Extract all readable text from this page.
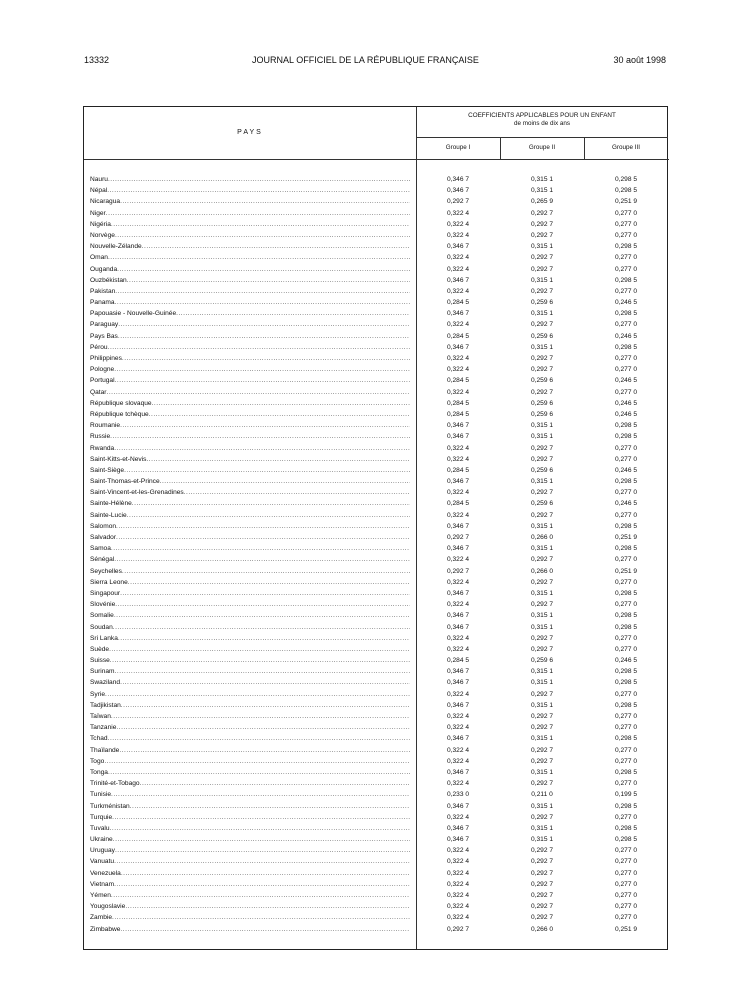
13332	JOURNAL OFFICIEL DE LA RÉPUBLIQUE FRANÇAISE	30 août 1998
PAYS
COEFFICIENTS APPLICABLES POUR UN ENFANT
de moins de dix ans
Groupe I	Groupe II	Groupe III
Nauru .....	0,346 7	0,315 1	0,298 5
Népal .....	0,346 7	0,315 1	0,298 5
Nicaragua .....	0,292 7	0,265 9	0,251 9
Niger .....	0,322 4	0,292 7	0,277 0
Nigéria .....	0,322 4	0,292 7	0,277 0
Norvège .....	0,322 4	0,292 7	0,277 0
Nouvelle-Zélande .....	0,346 7	0,315 1	0,298 5
Oman .....	0,322 4	0,292 7	0,277 0
Ouganda .....	0,322 4	0,292 7	0,277 0
Ouzbékistan .....	0,346 7	0,315 1	0,298 5
Pakistan .....	0,322 4	0,292 7	0,277 0
Panama .....	0,284 5	0,259 6	0,246 5
Papouasie - Nouvelle-Guinée .....	0,346 7	0,315 1	0,298 5
Paraguay .....	0,322 4	0,292 7	0,277 0
Pays Bas .....	0,284 5	0,259 6	0,246 5
Pérou .....	0,346 7	0,315 1	0,298 5
Philippines .....	0,322 4	0,292 7	0,277 0
Pologne .....	0,322 4	0,292 7	0,277 0
Portugal .....	0,284 5	0,259 6	0,246 5
Qatar .....	0,322 4	0,292 7	0,277 0
République slovaque .....	0,284 5	0,259 6	0,246 5
République tchèque .....	0,284 5	0,259 6	0,246 5
Roumanie .....	0,346 7	0,315 1	0,298 5
Russie .....	0,346 7	0,315 1	0,298 5
Rwanda .....	0,322 4	0,292 7	0,277 0
Saint-Kitts-et-Nevis .....	0,322 4	0,292 7	0,277 0
Saint-Siège .....	0,284 5	0,259 6	0,246 5
Saint-Thomas-et-Prince .....	0,346 7	0,315 1	0,298 5
Saint-Vincent-et-les-Grenadines .....	0,322 4	0,292 7	0,277 0
Sainte-Hélène .....	0,284 5	0,259 6	0,246 5
Sainte-Lucie .....	0,322 4	0,292 7	0,277 0
Salomon .....	0,346 7	0,315 1	0,298 5
Salvador .....	0,292 7	0,266 0	0,251 9
Samoa .....	0,346 7	0,315 1	0,298 5
Sénégal .....	0,322 4	0,292 7	0,277 0
Seychelles .....	0,292 7	0,266 0	0,251 9
Sierra Leone .....	0,322 4	0,292 7	0,277 0
Singapour .....	0,346 7	0,315 1	0,298 5
Slovénie .....	0,322 4	0,292 7	0,277 0
Somalie .....	0,346 7	0,315 1	0,298 5
Soudan .....	0,346 7	0,315 1	0,298 5
Sri Lanka .....	0,322 4	0,292 7	0,277 0
Suède .....	0,322 4	0,292 7	0,277 0
Suisse .....	0,284 5	0,259 6	0,246 5
Surinam .....	0,346 7	0,315 1	0,298 5
Swaziland .....	0,346 7	0,315 1	0,298 5
Syrie .....	0,322 4	0,292 7	0,277 0
Tadjikistan .....	0,346 7	0,315 1	0,298 5
Taïwan .....	0,322 4	0,292 7	0,277 0
Tanzanie .....	0,322 4	0,292 7	0,277 0
Tchad .....	0,346 7	0,315 1	0,298 5
Thaïlande .....	0,322 4	0,292 7	0,277 0
Togo .....	0,322 4	0,292 7	0,277 0
Tonga .....	0,346 7	0,315 1	0,298 5
Trinité-et-Tobago .....	0,322 4	0,292 7	0,277 0
Tunisie .....	0,233 0	0,211 0	0,199 5
Turkménistan .....	0,346 7	0,315 1	0,298 5
Turquie .....	0,322 4	0,292 7	0,277 0
Tuvalu .....	0,346 7	0,315 1	0,298 5
Ukraine .....	0,346 7	0,315 1	0,298 5
Uruguay .....	0,322 4	0,292 7	0,277 0
Vanuatu .....	0,322 4	0,292 7	0,277 0
Venezuela .....	0,322 4	0,292 7	0,277 0
Vietnam .....	0,322 4	0,292 7	0,277 0
Yémen .....	0,322 4	0,292 7	0,277 0
Yougoslavie .....	0,322 4	0,292 7	0,277 0
Zambie .....	0,322 4	0,292 7	0,277 0
Zimbabwe .....	0,292 7	0,266 0	0,251 9
